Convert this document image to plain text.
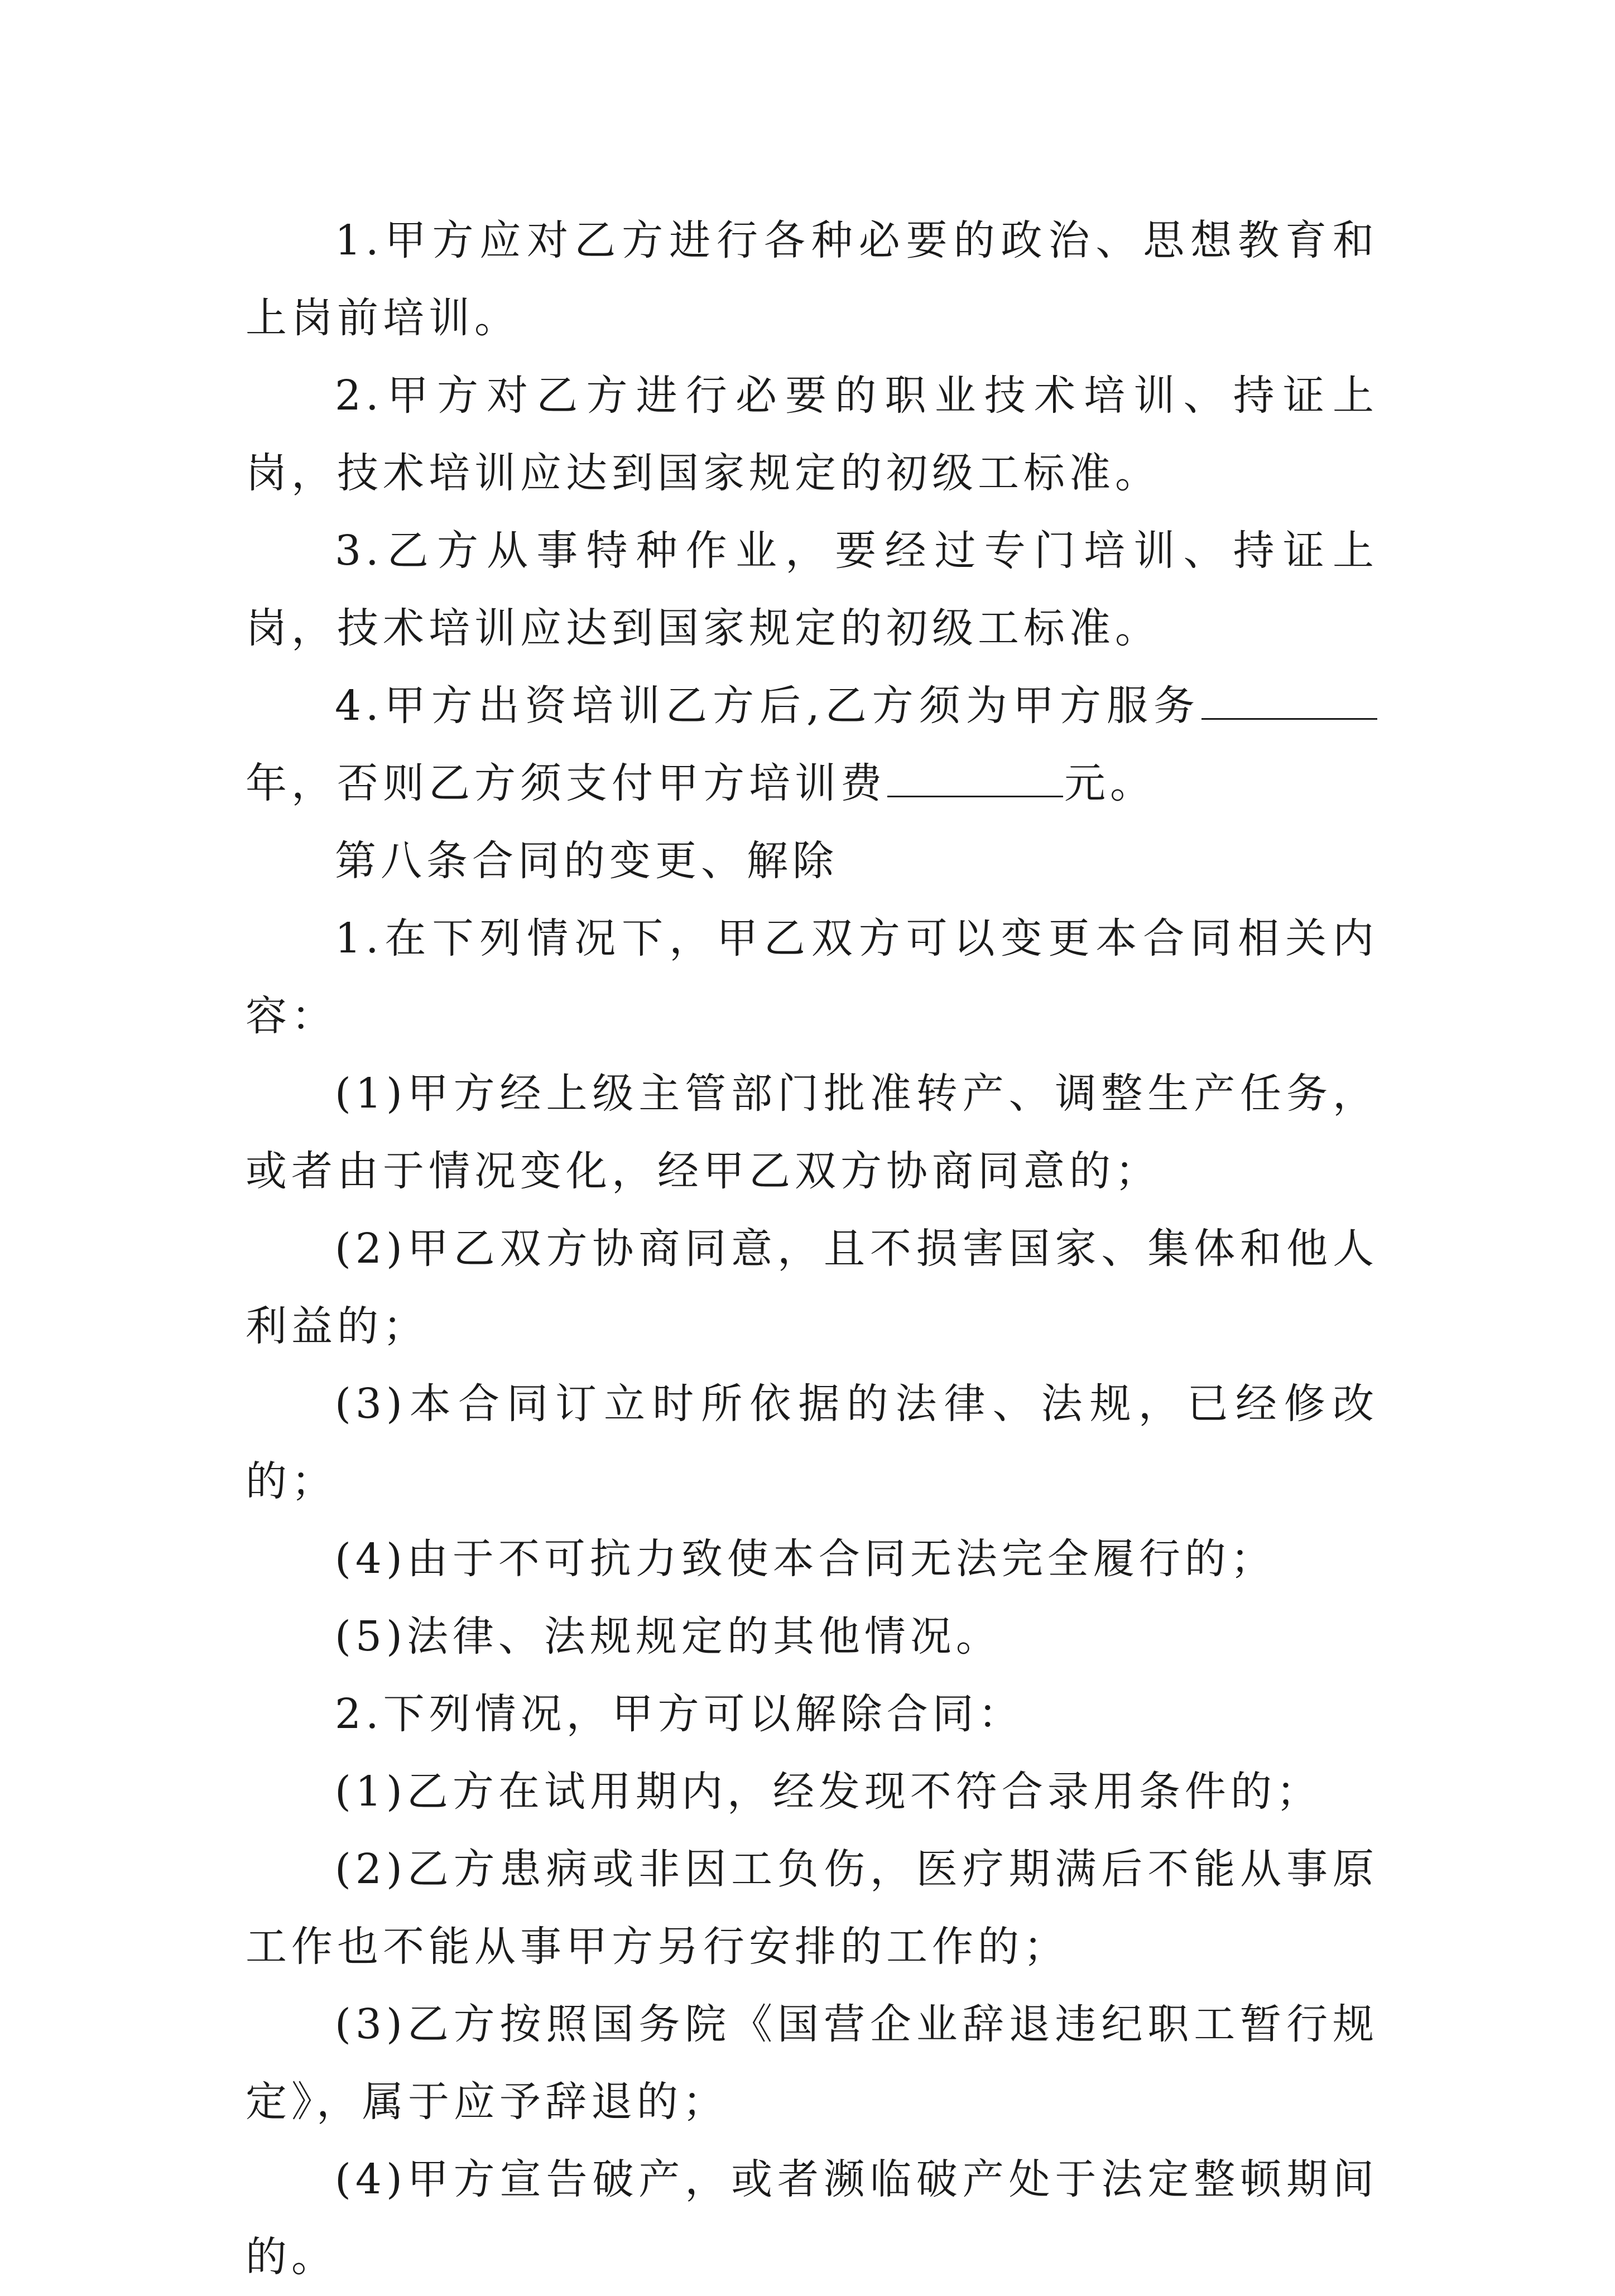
1.甲方应对乙方进行各种必要的政治、思想教育和上岗前培训。

2.甲方对乙方进行必要的职业技术培训、持证上岗，技术培训应达到国家规定的初级工标准。

3.乙方从事特种作业，要经过专门培训、持证上岗，技术培训应达到国家规定的初级工标准。

4.甲方出资培训乙方后,乙方须为甲方服务年，否则乙方须支付甲方培训费	元。

第八条合同的变更、解除

1.在下列情况下，甲乙双方可以变更本合同相关内容：

(1)甲方经上级主管部门批准转产、调整生产任务，或者由于情况变化，经甲乙双方协商同意的；

(2)甲乙双方协商同意，且不损害国家、集体和他人利益的；

(3)本合同订立时所依据的法律、法规，已经修改的；

(4)由于不可抗力致使本合同无法完全履行的；

(5)法律、法规规定的其他情况。

2.下列情况，甲方可以解除合同：

(1)乙方在试用期内，经发现不符合录用条件的；

(2)乙方患病或非因工负伤，医疗期满后不能从事原工作也不能从事甲方另行安排的工作的；

(3)乙方按照国务院《国营企业辞退违纪职工暂行规定》，属于应予辞退的；

(4)甲方宣告破产，或者濒临破产处于法定整顿期间的。
